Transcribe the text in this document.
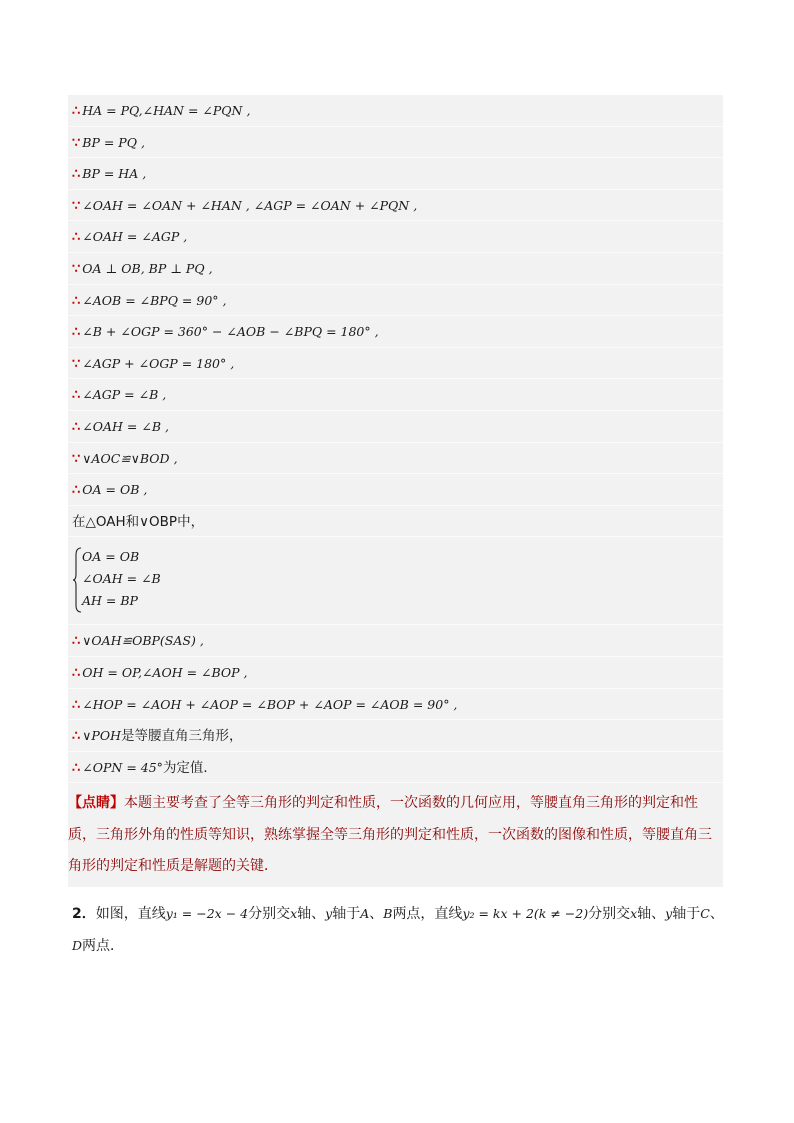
∴ HA = PQ,∠HAN = ∠PQN ,
∵ BP = PQ ,
∴ BP = HA ,
∵ ∠OAH = ∠OAN + ∠HAN , ∠AGP = ∠OAN + ∠PQN ,
∴ ∠OAH = ∠AGP ,
∵ OA ⊥ OB, BP ⊥ PQ ,
∴ ∠AOB = ∠BPQ = 90° ,
∴ ∠B + ∠OGP = 360° − ∠AOB − ∠BPQ = 180° ,
∵ ∠AGP + ∠OGP = 180° ,
∴ ∠AGP = ∠B ,
∴ ∠OAH = ∠B ,
∵ ∨AOC≌∨BOD ,
∴ OA = OB ,
在△OAH和∨OBP中，
OA = OB
∠OAH = ∠B
AH = BP
∴ ∨OAH≌OBP(SAS) ,
∴ OH = OP,∠AOH = ∠BOP ,
∴ ∠HOP = ∠AOH + ∠AOP = ∠BOP + ∠AOP = ∠AOB = 90° ,
∴ ∨POH是等腰直角三角形，
∴ ∠OPN = 45°为定值．
【点睛】本题主要考查了全等三角形的判定和性质，一次函数的几何应用，等腰直角三角形的判定和性质，三角形外角的性质等知识，熟练掌握全等三角形的判定和性质，一次函数的图像和性质，等腰直角三角形的判定和性质是解题的关键．
2．如图，直线y₁ = −2x − 4分别交x轴、y轴于A、B两点，直线y₂ = kx + 2(k ≠ −2)分别交x轴、y轴于C、D两点．
